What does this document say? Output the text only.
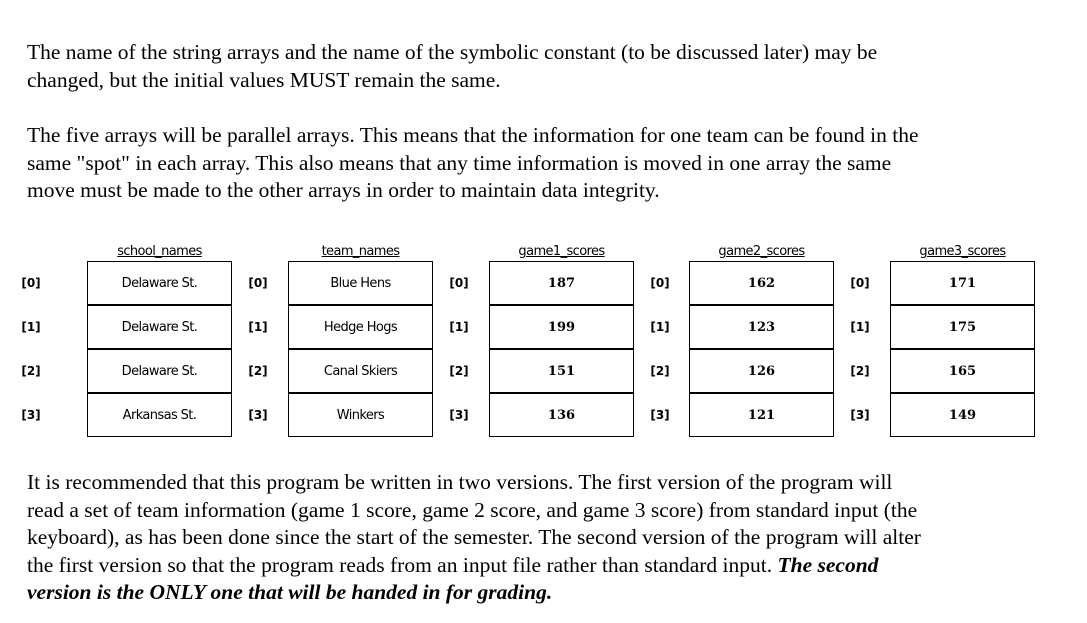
The name of the string arrays and the name of the symbolic constant (to be discussed later) may be
changed, but the initial values MUST remain the same.

The five arrays will be parallel arrays. This means that the information for one team can be found in the
same "spot" in each array. This also means that any time information is moved in one array the same
move must be made to the other arrays in order to maintain data integrity.

school_names
Delaware St.
[0]
Delaware St.
[1]
Delaware St.
[2]
Arkansas St.
[3]
team_names
Blue Hens
[0]
Hedge Hogs
[1]
Canal Skiers
[2]
Winkers
[3]
game1_scores
187
[0]
199
[1]
151
[2]
136
[3]
game2_scores
162
[0]
123
[1]
126
[2]
121
[3]
game3_scores
171
[0]
175
[1]
165
[2]
149
[3]

It is recommended that this program be written in two versions. The first version of the program will
read a set of team information (game 1 score, game 2 score, and game 3 score) from standard input (the
keyboard), as has been done since the start of the semester. The second version of the program will alter
the first version so that the program reads from an input file rather than standard input. The second
version is the ONLY one that will be handed in for grading.
